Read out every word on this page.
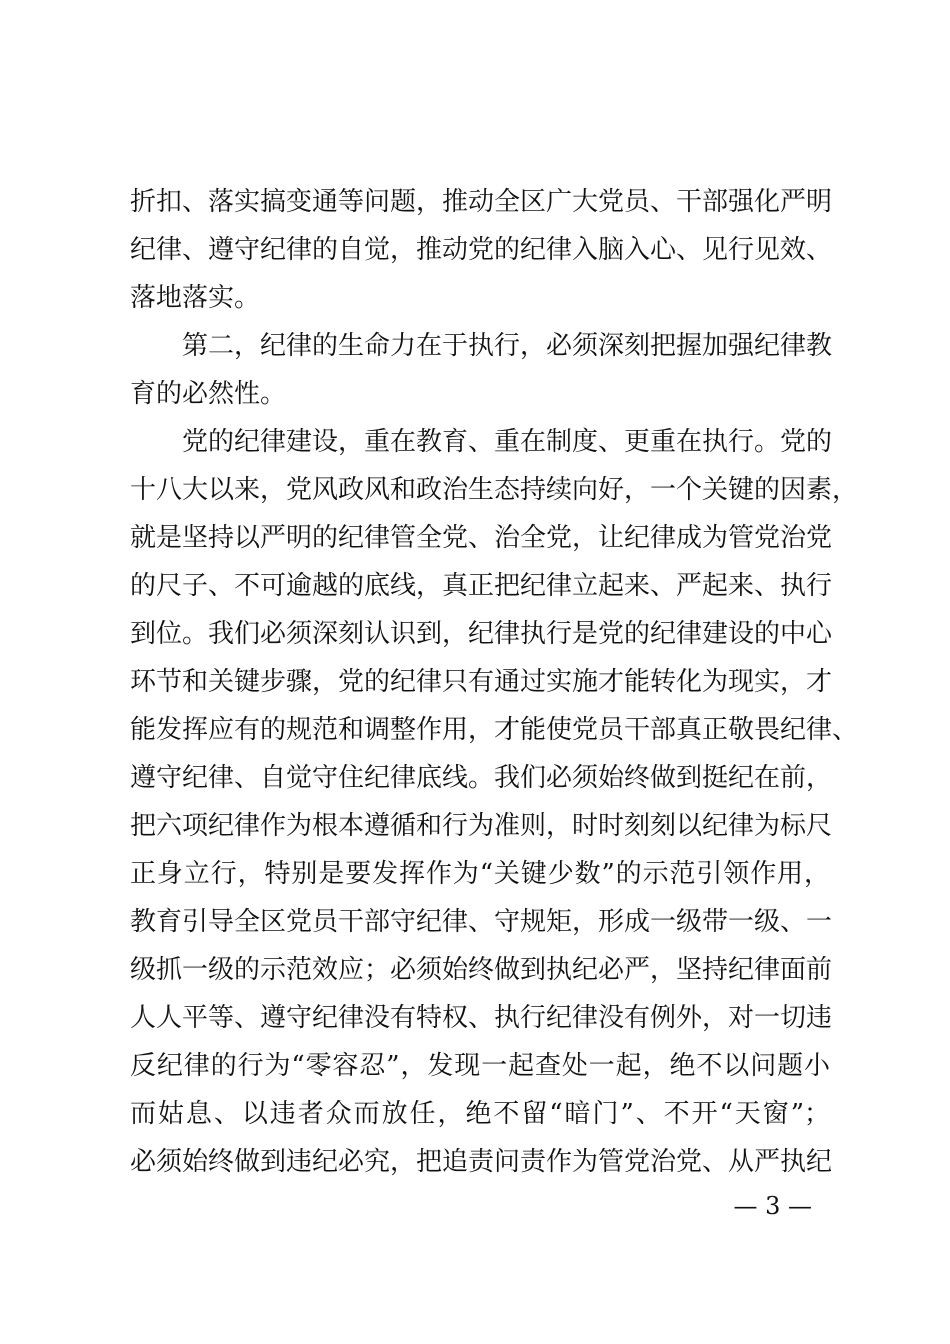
折扣、落实搞变通等问题，推动全区广大党员、干部强化严明
纪律、遵守纪律的自觉，推动党的纪律入脑入心、见行见效、
落地落实。
第二，纪律的生命力在于执行，必须深刻把握加强纪律教
育的必然性。
党的纪律建设，重在教育、重在制度、更重在执行。党的
十八大以来，党风政风和政治生态持续向好，一个关键的因素，
就是坚持以严明的纪律管全党、治全党，让纪律成为管党治党
的尺子、不可逾越的底线，真正把纪律立起来、严起来、执行
到位。我们必须深刻认识到，纪律执行是党的纪律建设的中心
环节和关键步骤，党的纪律只有通过实施才能转化为现实，才
能发挥应有的规范和调整作用，才能使党员干部真正敬畏纪律、
遵守纪律、自觉守住纪律底线。我们必须始终做到挺纪在前，
把六项纪律作为根本遵循和行为准则，时时刻刻以纪律为标尺
正身立行，特别是要发挥作为“关键少数”的示范引领作用，
教育引导全区党员干部守纪律、守规矩，形成一级带一级、一
级抓一级的示范效应；必须始终做到执纪必严，坚持纪律面前
人人平等、遵守纪律没有特权、执行纪律没有例外，对一切违
反纪律的行为“零容忍”，发现一起查处一起，绝不以问题小
而姑息、以违者众而放任，绝不留“暗门”、不开“天窗”；
必须始终做到违纪必究，把追责问责作为管党治党、从严执纪
— 3 —
